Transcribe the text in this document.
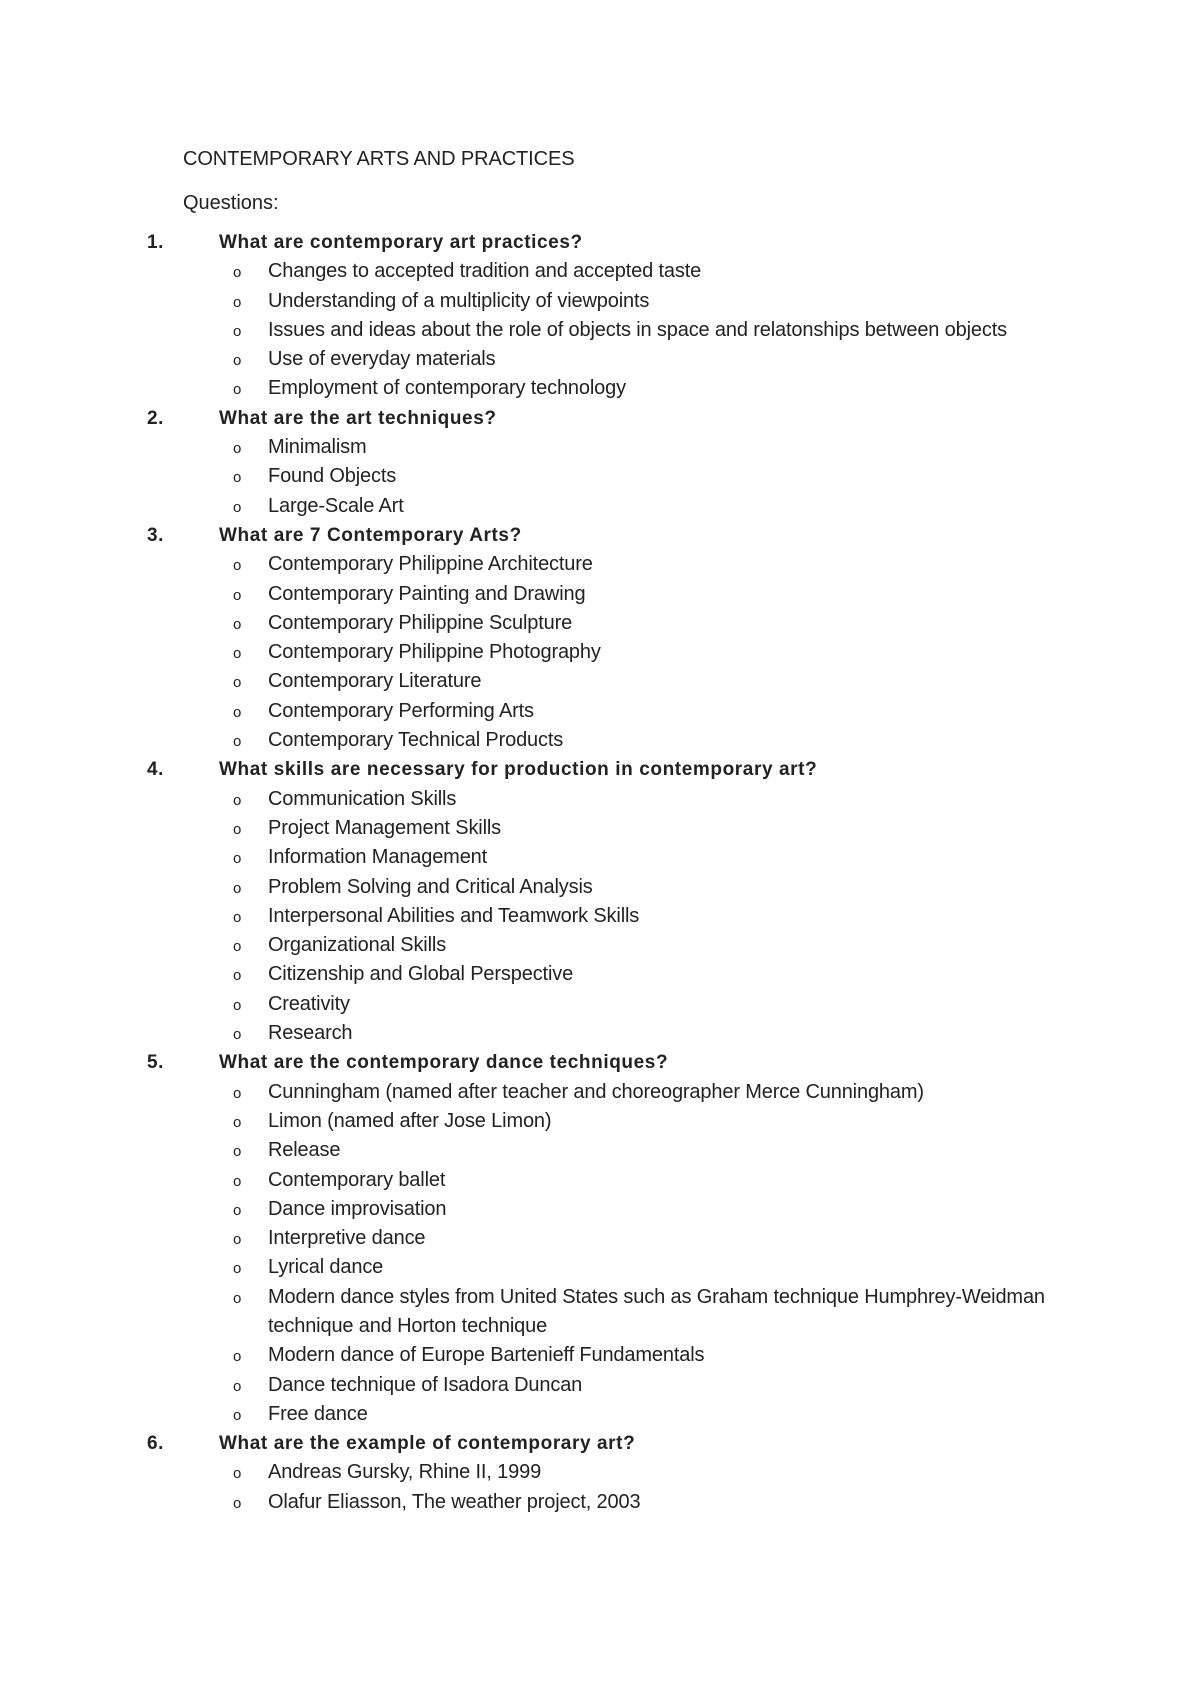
CONTEMPORARY ARTS AND PRACTICES
Questions:
1.	What are contemporary art practices?
o Changes to accepted tradition and accepted taste
o Understanding of a multiplicity of viewpoints
o Issues and ideas about the role of objects in space and relatonships between objects
o Use of everyday materials
o Employment of contemporary technology
2.	What are the art techniques?
o Minimalism
o Found Objects
o Large-Scale Art
3.	What are 7 Contemporary Arts?
o Contemporary Philippine Architecture
o Contemporary Painting and Drawing
o Contemporary Philippine Sculpture
o Contemporary Philippine Photography
o Contemporary Literature
o Contemporary Performing Arts
o Contemporary Technical Products
4.	What skills are necessary for production in contemporary art?
o Communication Skills
o Project Management Skills
o Information Management
o Problem Solving and Critical Analysis
o Interpersonal Abilities and Teamwork Skills
o Organizational Skills
o Citizenship and Global Perspective
o Creativity
o Research
5.	What are the contemporary dance techniques?
o Cunningham (named after teacher and choreographer Merce Cunningham)
o Limon (named after Jose Limon)
o Release
o Contemporary ballet
o Dance improvisation
o Interpretive dance
o Lyrical dance
o Modern dance styles from United States such as Graham technique Humphrey-Weidman technique and Horton technique
o Modern dance of Europe Bartenieff Fundamentals
o Dance technique of Isadora Duncan
o Free dance
6.	What are the example of contemporary art?
o Andreas Gursky, Rhine II, 1999
o Olafur Eliasson, The weather project, 2003
